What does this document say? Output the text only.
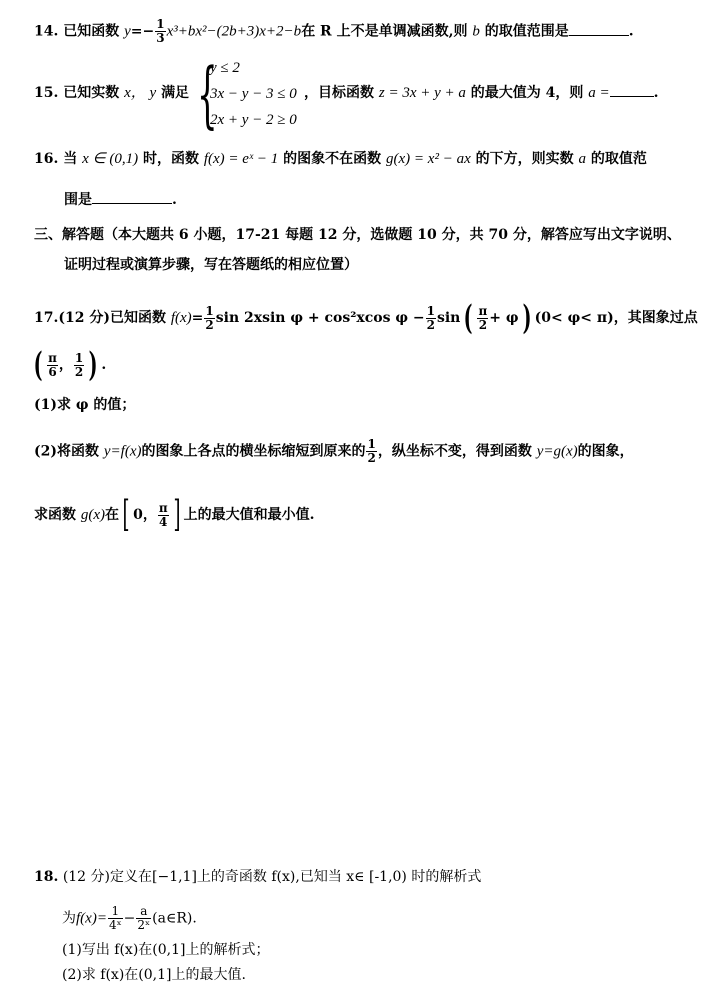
14. 已知函数 $y=- \frac{1}{3} x^3+bx^2-(2b+3)x+2-b$在 R 上不是单调减函数,则 b 的取值范围是	.
15. 已知实数 x， y 满足 {
y ≤ 2
3x − y − 3 ≤ 0
2x + y − 2 ≥ 0
，目标函数 z = 3x + y + a 的最大值为 4，则 a =	.
16. 当 x ∈ (0,1) 时，函数 f(x) = eˣ − 1 的图象不在函数 g(x) = x² − ax 的下方，则实数 a 的取值范
围是	.
三、解答题（本大题共 6 小题，17-21 每题 12 分，选做题 10 分，共 70 分，解答应写出文字说明、
证明过程或演算步骤，写在答题纸的相应位置）
17.(12 分)已知函数 $f(x)= \frac{1}{2}$ sin 2xsin φ + cos²xcos $\varphi - \frac{1}{2}$ sin ( $\frac{\pi}{2} + \varphi$ ) (0< φ< π)，其图象过点
( $\frac{\pi}{6}$ ， $\frac{1}{2}$ ) .
(1)求 φ 的值；
(2)将函数 y=f(x)的图象上各点的横坐标缩短到原来的 $\frac{1}{2}$ ，纵坐标不变，得到函数 y=g(x)的图象，
求函数 g(x)在[ 0， $\frac{\pi}{4}$ ] 上的最大值和最小值.
18. (12 分)定义在[−1,1]上的奇函数 f(x),已知当 x∈ [-1,0) 时的解析式
为$f(x)= \frac{1}{\text{4ˣ}} - \frac{a}{\text{2ˣ}}$ (a∈R).
(1)写出 f(x)在(0,1]上的解析式；
(2)求 f(x)在(0,1]上的最大值.
